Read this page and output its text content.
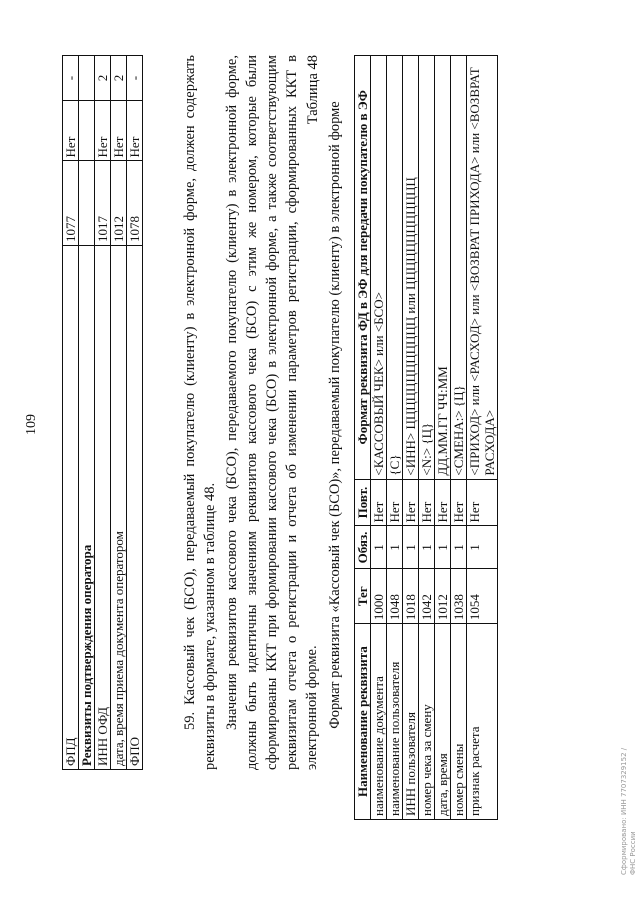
109
ФПД	1077	Нет	-
Реквизиты подтверждения оператора			
ИНН ОФД	1017	Нет	2
дата, время приема документа оператором	1012	Нет	2
ФПО	1078	Нет	-	59. Кассовый чек (БСО), передаваемый покупателю (клиенту) в электронной форме, должен содержать реквизиты в формате, указанном в таблице 48. Значения реквизитов кассового чека (БСО), передаваемого покупателю (клиенту) в электронной форме, должны быть идентичны значениям реквизитов кассового чека (БСО) с этим же номером, которые были сформированы ККТ при формировании кассового чека (БСО) в электронной форме, а также соответствующим реквизитам отчета о регистрации и отчета об изменении параметров регистрации, сформированных ККТ в электронной форме.
Таблица 48
Формат реквизита «Кассовый чек (БСО)», передаваемый покупателю (клиенту) в электронной форме Наименование реквизита	Тег	Обяз.	Повт.	Формат реквизита ФД в ЭФ для передачи покупателю в ЭФ
наименование документа	1000	1	Нет	<КАССОВЫЙ ЧЕК> или <БСО>
наименование пользователя	1048	1	Нет	{С}
ИНН пользователя	1018	1	Нет	<ИНН> ЦЦЦЦЦЦЦЦЦЦЦЦ или ЦЦЦЦЦЦЦЦЦЦЦЦ
номер чека за смену	1042	1	Нет	<N:> {Ц}
дата, время	1012	1	Нет	ДД.ММ.ГГ ЧЧ:ММ
номер смены	1038	1	Нет	<СМЕНА:> {Ц}
признак расчета	1054	1	Нет	<ПРИХОД> или <РАСХОД> или <ВОЗВРАТ ПРИХОДА> или <ВОЗВРАТ РАСХОДА>
Сформировано: ИНН 7707329152 / ФНС России
